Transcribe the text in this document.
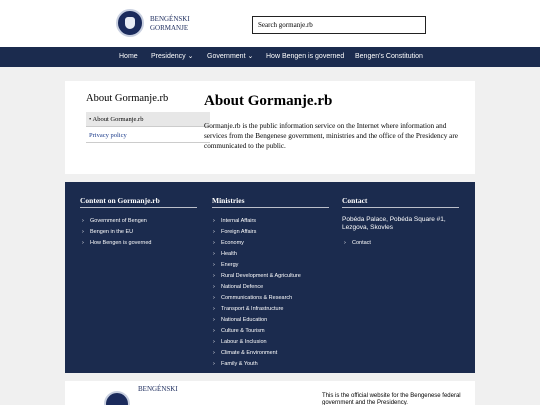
BENGÉNSKI
GORMANJE	Search gormanje.rb
Home Presidency ⌄ Government ⌄ How Bengen is governed Bengen's Constitution
About Gormanje.rb
• About Gormanje.rb
Privacy policy
About Gormanje.rb
Gormanje.rb is the public information service on the Internet where information and services from the Bengenese government, ministries and the office of the Presidency are communicated to the public.
Content on Gormanje.rb	Ministries	Contact
› Government of Bengen
› Bengen in the EU
› How Bengen is governed
› Internal Affairs
› Foreign Affairs
› Economy
› Health
› Energy
› Rural Development & Agriculture
› National Defence
› Communications & Research
› Transport & Infrastructure
› National Education
› Culture & Tourism
› Labour & Inclusion
› Climate & Environment
› Family & Youth
Pobéda Palace, Pobéda Square #1, Lezgova, Skovles
› Contact
BENGÉNSKI
This is the official website for the Bengenese federal government and the Presidency.
